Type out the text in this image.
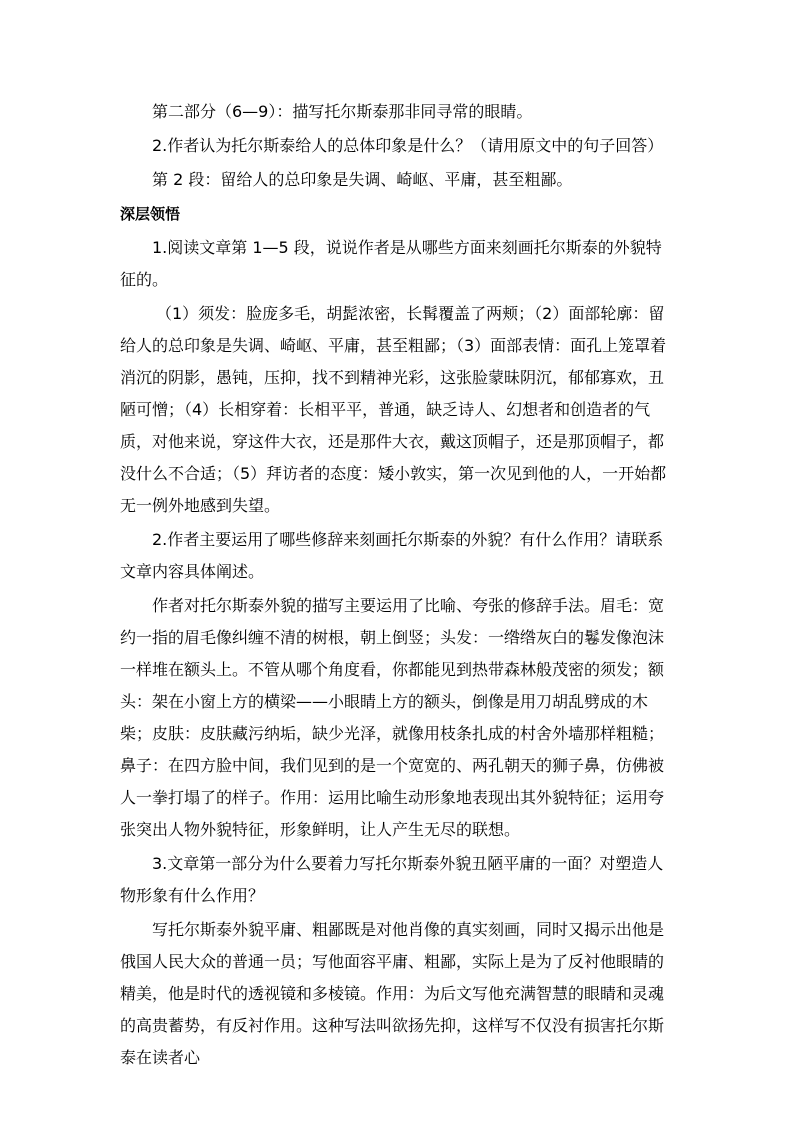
第二部分（6—9）：描写托尔斯泰那非同寻常的眼睛。

2.作者认为托尔斯泰给人的总体印象是什么？（请用原文中的句子回答）

第 2 段：留给人的总印象是失调、崎岖、平庸，甚至粗鄙。

深层领悟

1.阅读文章第 1—5 段，说说作者是从哪些方面来刻画托尔斯泰的外貌特征的。

（1）须发：脸庞多毛，胡髭浓密，长髯覆盖了两颊；（2）面部轮廓：留给人的总印象是失调、崎岖、平庸，甚至粗鄙；（3）面部表情：面孔上笼罩着消沉的阴影，愚钝，压抑，找不到精神光彩，这张脸蒙昧阴沉，郁郁寡欢，丑陋可憎；（4）长相穿着：长相平平，普通，缺乏诗人、幻想者和创造者的气质，对他来说，穿这件大衣，还是那件大衣，戴这顶帽子，还是那顶帽子，都没什么不合适；（5）拜访者的态度：矮小敦实，第一次见到他的人，一开始都无一例外地感到失望。

2.作者主要运用了哪些修辞来刻画托尔斯泰的外貌？有什么作用？请联系文章内容具体阐述。

作者对托尔斯泰外貌的描写主要运用了比喻、夸张的修辞手法。眉毛：宽约一指的眉毛像纠缠不清的树根，朝上倒竖；头发：一绺绺灰白的鬈发像泡沫一样堆在额头上。不管从哪个角度看，你都能见到热带森林般茂密的须发；额头：架在小窗上方的横梁——小眼睛上方的额头，倒像是用刀胡乱劈成的木柴；皮肤：皮肤藏污纳垢，缺少光泽，就像用枝条扎成的村舍外墙那样粗糙；鼻子：在四方脸中间，我们见到的是一个宽宽的、两孔朝天的狮子鼻，仿佛被人一拳打塌了的样子。作用：运用比喻生动形象地表现出其外貌特征；运用夸张突出人物外貌特征，形象鲜明，让人产生无尽的联想。

3.文章第一部分为什么要着力写托尔斯泰外貌丑陋平庸的一面？对塑造人物形象有什么作用？

写托尔斯泰外貌平庸、粗鄙既是对他肖像的真实刻画，同时又揭示出他是俄国人民大众的普通一员；写他面容平庸、粗鄙，实际上是为了反衬他眼睛的精美，他是时代的透视镜和多棱镜。作用：为后文写他充满智慧的眼睛和灵魂的高贵蓄势，有反衬作用。这种写法叫欲扬先抑，这样写不仅没有损害托尔斯泰在读者心
